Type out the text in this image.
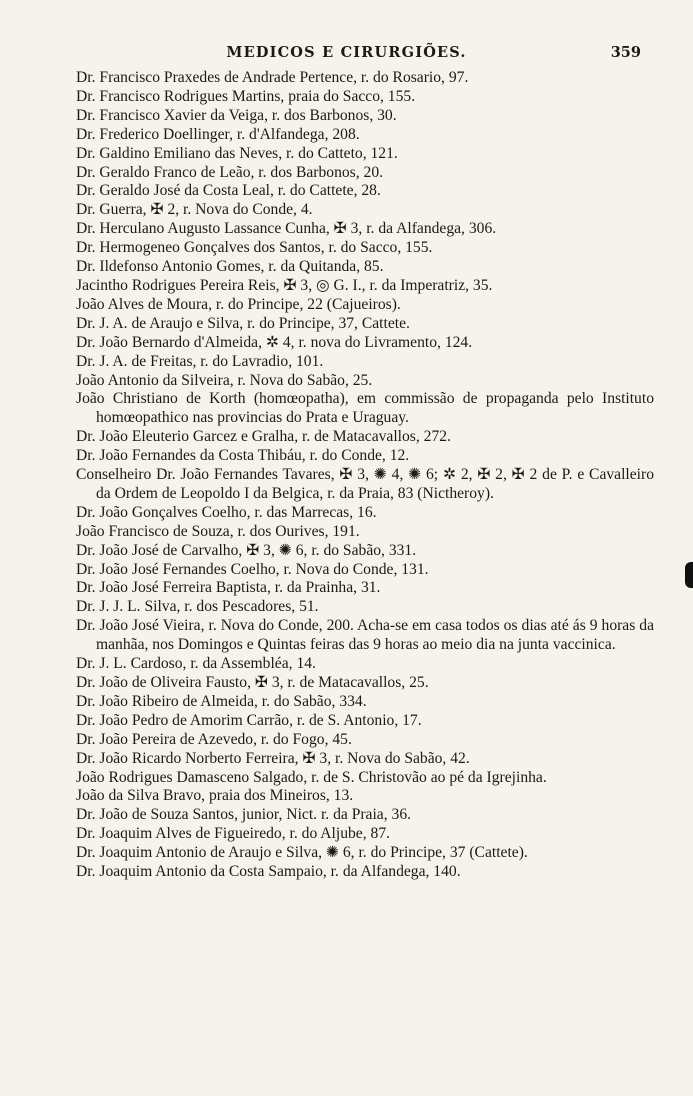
MEDICOS E CIRURGIÕES.	359

Dr. Francisco Praxedes de Andrade Pertence, r. do Rosario, 97.

Dr. Francisco Rodrigues Martins, praia do Sacco, 155.

Dr. Francisco Xavier da Veiga, r. dos Barbonos, 30.

Dr. Frederico Doellinger, r. d'Alfandega, 208.

Dr. Galdino Emiliano das Neves, r. do Catteto, 121.

Dr. Geraldo Franco de Leão, r. dos Barbonos, 20.

Dr. Geraldo José da Costa Leal, r. do Cattete, 28.

Dr. Guerra, ✠ 2, r. Nova do Conde, 4.

Dr. Herculano Augusto Lassance Cunha, ✠ 3, r. da Alfandega, 306.

Dr. Hermogeneo Gonçalves dos Santos, r. do Sacco, 155.

Dr. Ildefonso Antonio Gomes, r. da Quitanda, 85.

Jacintho Rodrigues Pereira Reis, ✠ 3, ◎ G. I., r. da Imperatriz, 35.

João Alves de Moura, r. do Principe, 22 (Cajueiros).

Dr. J. A. de Araujo e Silva, r. do Principe, 37, Cattete.

Dr. João Bernardo d'Almeida, ✲ 4, r. nova do Livramento, 124.

Dr. J. A. de Freitas, r. do Lavradio, 101.

João Antonio da Silveira, r. Nova do Sabão, 25.

João Christiano de Korth (homœopatha), em commissão de propaganda pelo Instituto homœopathico nas provincias do Prata e Uraguay.

Dr. João Eleuterio Garcez e Gralha, r. de Matacavallos, 272.

Dr. João Fernandes da Costa Thibáu, r. do Conde, 12.

Conselheiro Dr. João Fernandes Tavares, ✠ 3, ✺ 4, ✺ 6; ✲ 2, ✠ 2, ✠ 2 de P. e Cavalleiro da Ordem de Leopoldo I da Belgica, r. da Praia, 83 (Nictheroy).

Dr. João Gonçalves Coelho, r. das Marrecas, 16.

João Francisco de Souza, r. dos Ourives, 191.

Dr. João José de Carvalho, ✠ 3, ✺ 6, r. do Sabão, 331.

Dr. João José Fernandes Coelho, r. Nova do Conde, 131.

Dr. João José Ferreira Baptista, r. da Prainha, 31.

Dr. J. J. L. Silva, r. dos Pescadores, 51.

Dr. João José Vieira, r. Nova do Conde, 200. Acha-se em casa todos os dias até ás 9 horas da manhãa, nos Domingos e Quintas feiras das 9 horas ao meio dia na junta vaccinica.

Dr. J. L. Cardoso, r. da Assembléa, 14.

Dr. João de Oliveira Fausto, ✠ 3, r. de Matacavallos, 25.

Dr. João Ribeiro de Almeida, r. do Sabão, 334.

Dr. João Pedro de Amorim Carrão, r. de S. Antonio, 17.

Dr. João Pereira de Azevedo, r. do Fogo, 45.

Dr. João Ricardo Norberto Ferreira, ✠ 3, r. Nova do Sabão, 42.

João Rodrigues Damasceno Salgado, r. de S. Christovão ao pé da Igrejinha.

João da Silva Bravo, praia dos Mineiros, 13.

Dr. João de Souza Santos, junior, Nict. r. da Praia, 36.

Dr. Joaquim Alves de Figueiredo, r. do Aljube, 87.

Dr. Joaquim Antonio de Araujo e Silva, ✺ 6, r. do Principe, 37 (Cattete).

Dr. Joaquim Antonio da Costa Sampaio, r. da Alfandega, 140.
